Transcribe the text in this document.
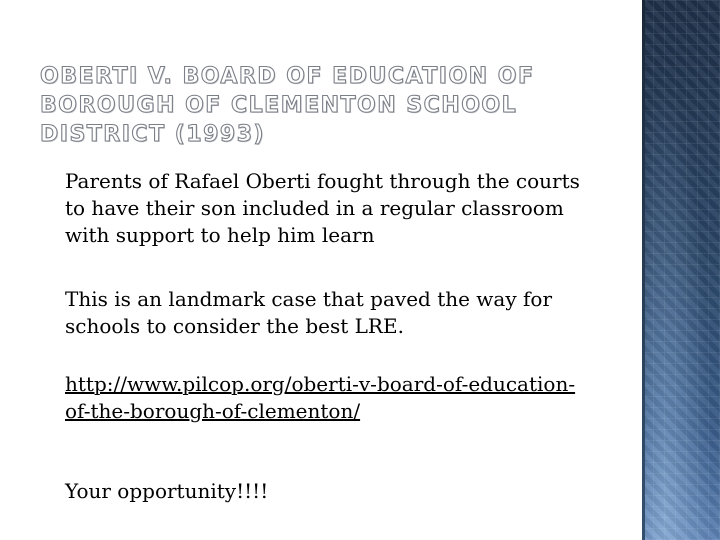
OBERTI V. BOARD OF EDUCATION OF BOROUGH OF CLEMENTON SCHOOL DISTRICT (1993)
Parents of Rafael Oberti fought through the courts to have their son included in a regular classroom with support to help him learn
This is an landmark case that paved the way for schools to consider the best LRE.
http://www.pilcop.org/oberti-v-board-of-education-of-the-borough-of-clementon/
Your opportunity!!!!
